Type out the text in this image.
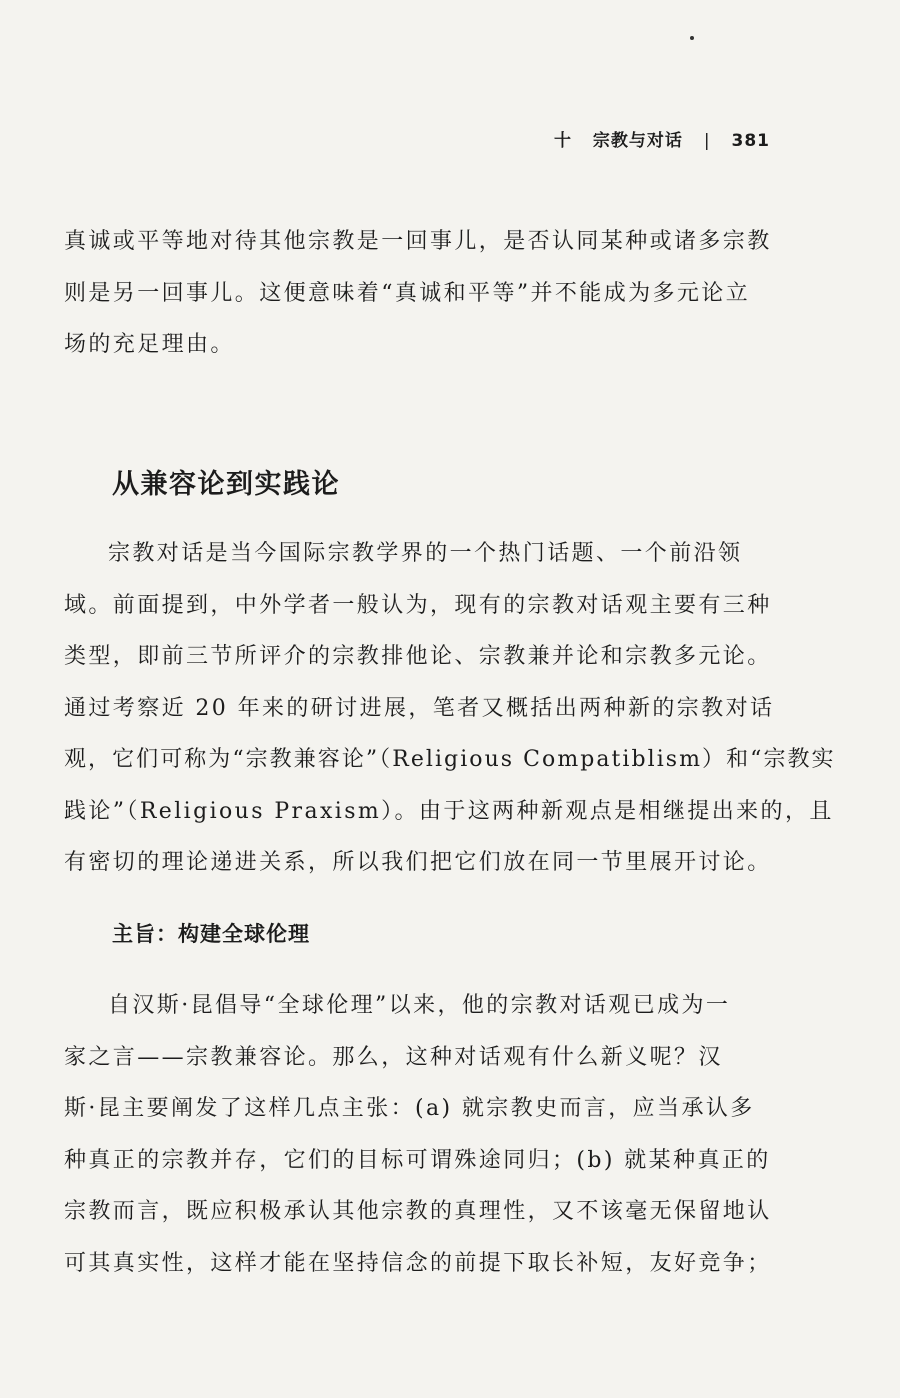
十 宗教与对话 | 381

真诚或平等地对待其他宗教是一回事儿，是否认同某种或诸多宗教
则是另一回事儿。这便意味着“真诚和平等”并不能成为多元论立
场的充足理由。

从兼容论到实践论

宗教对话是当今国际宗教学界的一个热门话题、一个前沿领
域。前面提到，中外学者一般认为，现有的宗教对话观主要有三种
类型，即前三节所评介的宗教排他论、宗教兼并论和宗教多元论。
通过考察近 20 年来的研讨进展，笔者又概括出两种新的宗教对话
观，它们可称为“宗教兼容论”（Religious Compatiblism）和“宗教实
践论”（Religious Praxism）。由于这两种新观点是相继提出来的，且
有密切的理论递进关系，所以我们把它们放在同一节里展开讨论。

主旨：构建全球伦理

自汉斯·昆倡导“全球伦理”以来，他的宗教对话观已成为一
家之言——宗教兼容论。那么，这种对话观有什么新义呢？汉
斯·昆主要阐发了这样几点主张：(a) 就宗教史而言，应当承认多
种真正的宗教并存，它们的目标可谓殊途同归；(b) 就某种真正的
宗教而言，既应积极承认其他宗教的真理性，又不该毫无保留地认
可其真实性，这样才能在坚持信念的前提下取长补短，友好竞争；
